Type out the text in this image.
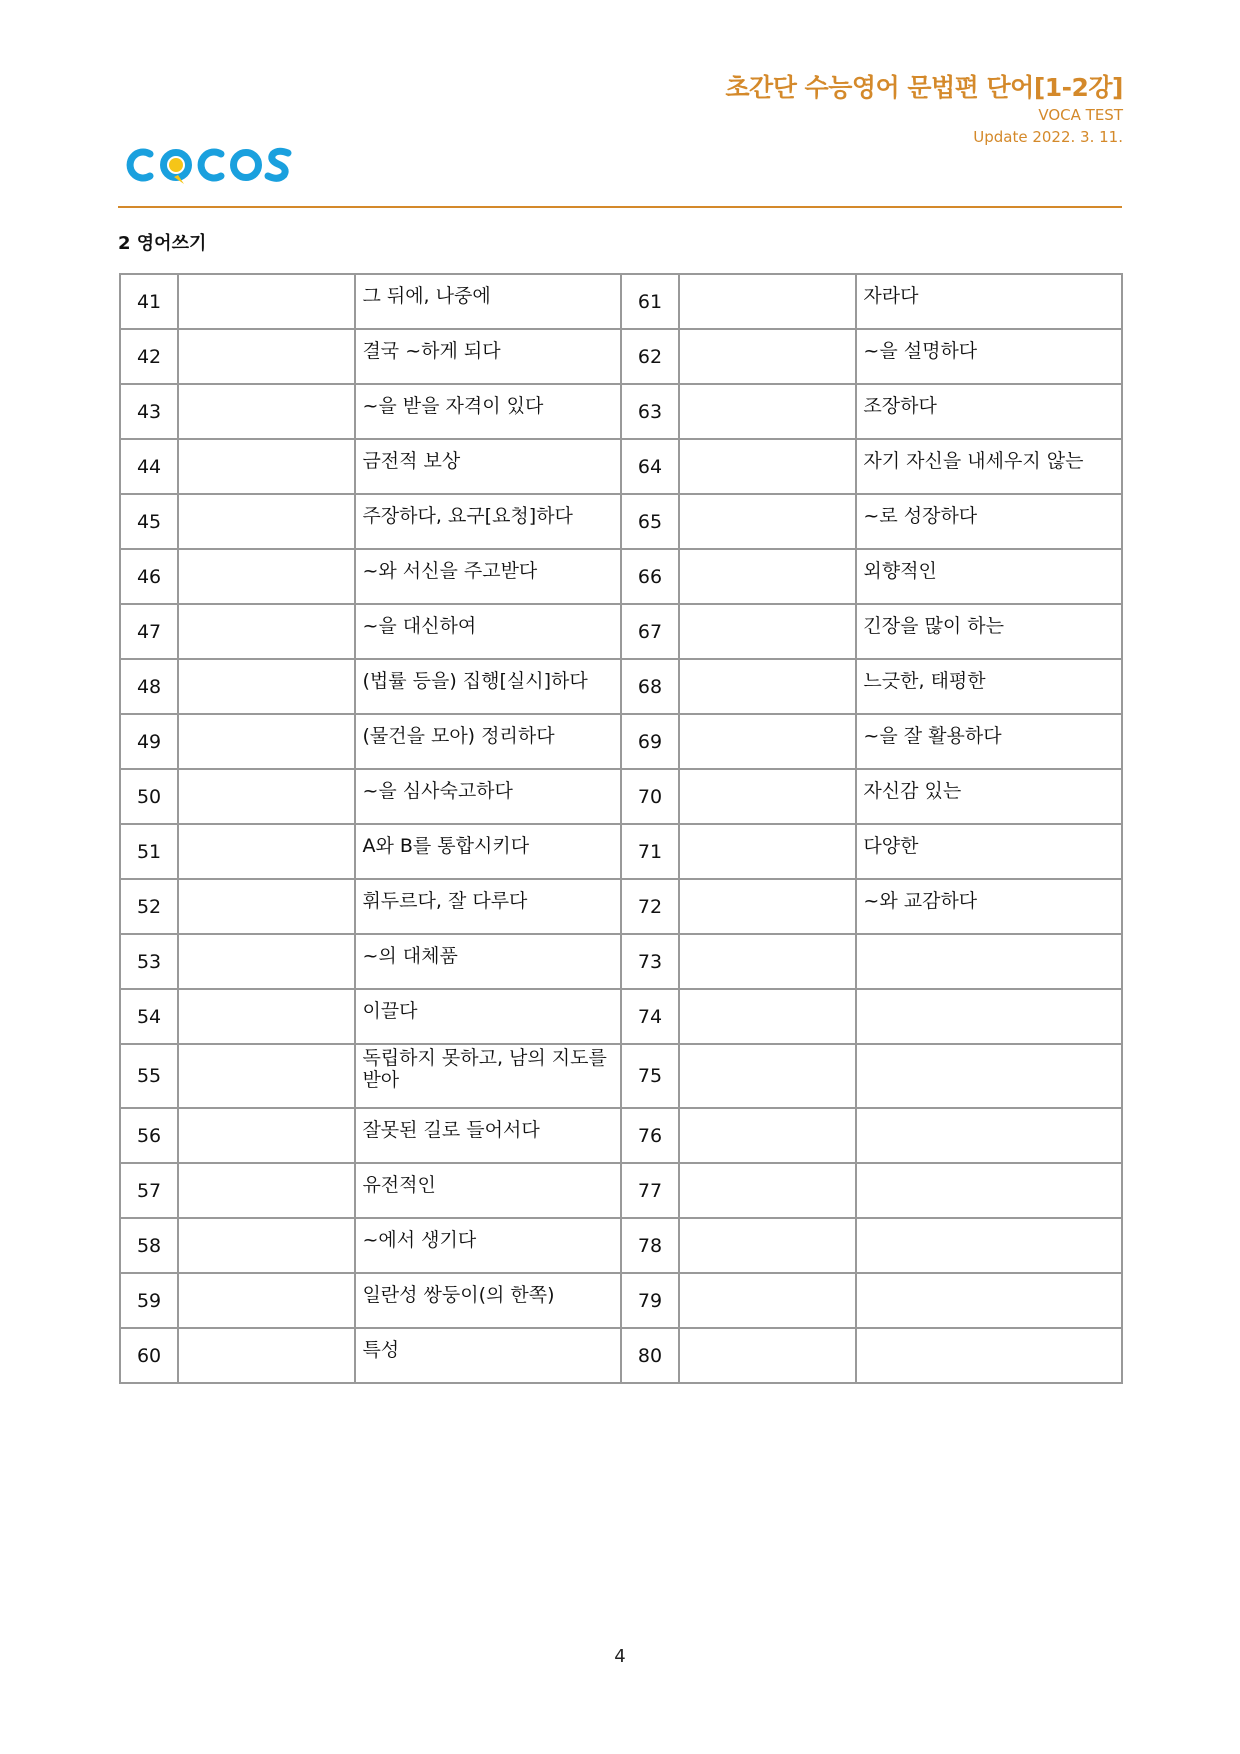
초간단 수능영어 문법편 단어[1-2강]
VOCA TEST
Update 2022. 3. 11.
2 영어쓰기
41		그 뒤에, 나중에	61		자라다
42		결국 ~하게 되다	62		~을 설명하다
43		~을 받을 자격이 있다	63		조장하다
44		금전적 보상	64		자기 자신을 내세우지 않는
45		주장하다, 요구[요청]하다	65		~로 성장하다
46		~와 서신을 주고받다	66		외향적인
47		~을 대신하여	67		긴장을 많이 하는
48		(법률 등을) 집행[실시]하다	68		느긋한, 태평한
49		(물건을 모아) 정리하다	69		~을 잘 활용하다
50		~을 심사숙고하다	70		자신감 있는
51		A와 B를 통합시키다	71		다양한
52		휘두르다, 잘 다루다	72		~와 교감하다
53		~의 대체품	73		
54		이끌다	74		
55		독립하지 못하고, 남의 지도를 받아	75		
56		잘못된 길로 들어서다	76		
57		유전적인	77		
58		~에서 생기다	78		
59		일란성 쌍둥이(의 한쪽)	79		
60		특성	80		
4
